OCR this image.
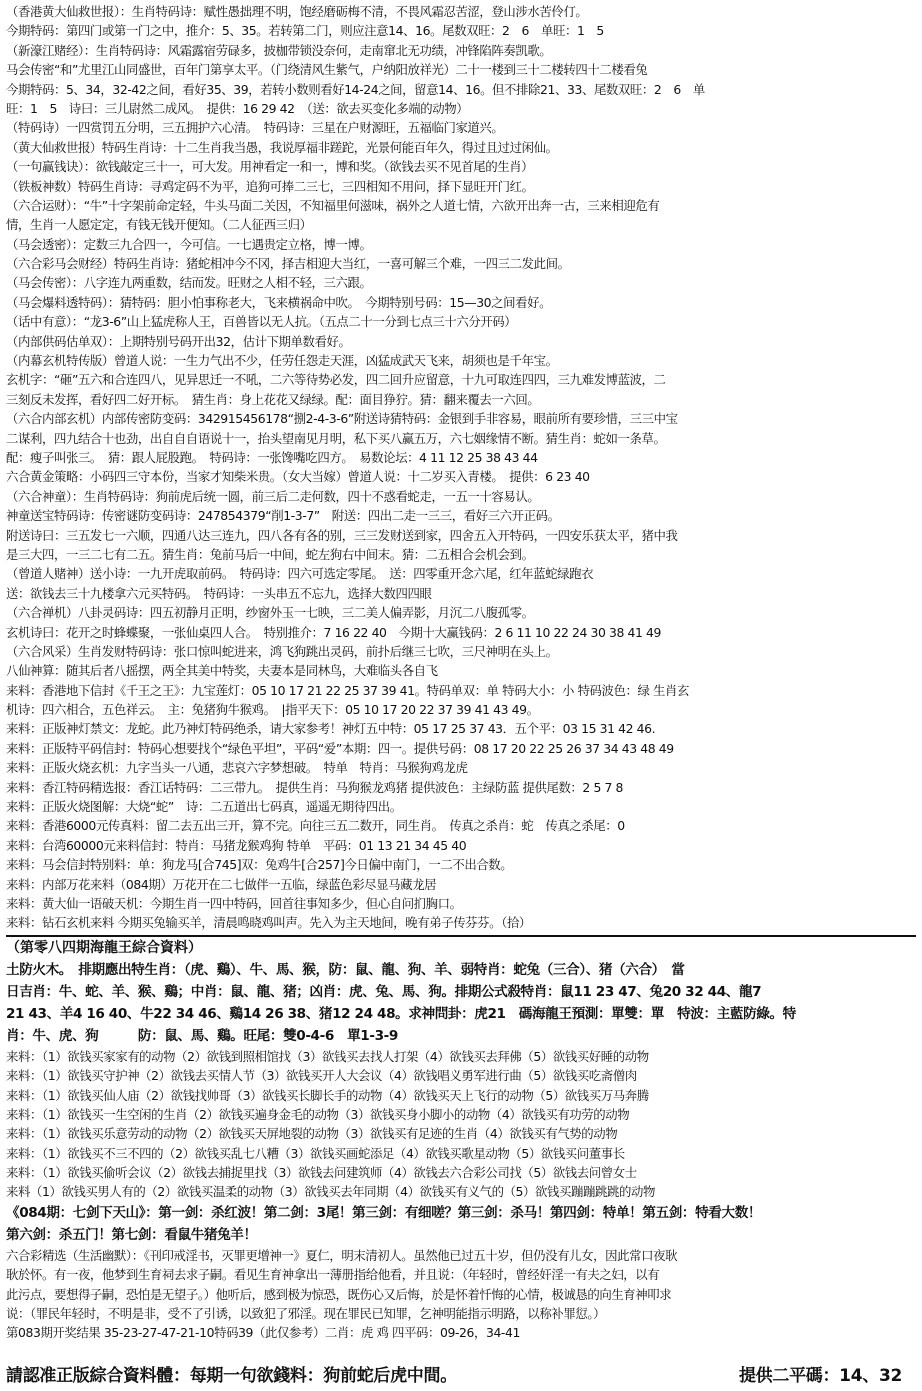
（香港黄大仙救世报）：生肖特码诗：赋性愚拙理不明，饱经磨砺梅不清，不畏风霜忍苦涩，登山涉水苦伶仃。
今期特码：第四门或第一门之中，推介：5、35。若转第二门，则应注意14、16。尾数双旺：2　6　单旺：1　5
（新濠江赌经）：生肖特码诗：风霜露宿劳碌多，披枷带锁没奈何，走南窜北无功绩，冲锋陷阵奏凯歌。
马会传密“和”尤里江山同盛世，百年门第享太平。（门绕清风生紫气，户纳阳放祥光）二十一楼到三十二楼转四十二楼看兔
今期特码：5、34，32-42之间，看好35、39，若转小数则看好14-24之间，留意14、16。但不排除21、33、尾数双旺：2　6　单
旺：1　5　诗曰：三儿尉然二成风。　提供：16 29 42　（送：欲去买变化多端的动物）
（特码诗）一四赏罚五分明，三五拥护六心清。　特码诗：三星在户财源旺，五福临门家道兴。
（黄大仙救世报）特码生肖诗：十二生肖我当愚，我说厚福非蹉跎，光景何能百年久，得过且过过闲仙。
（一句赢钱诀）：欲钱敲定三十一，可大发。用神看定一和一，博和奖。（欲钱去买不见首尾的生肖）
（铁板神数）特码生肖诗：寻鸡定码不为平，追狗可捧二三七，三四相知不用问，择下显旺开门红。
（六合运财）：“牛”十字架前命定轻，牛头马面二关因，不知福里何滋味，祸外之人道七情，六欲开出奔一古，三来相迎危有
情，生肖一人愿定定，有钱无钱开便知。（二人征西三归）
（马会透密）：定数三九合四一，今可信。一七遇贵定立格，博一博。
（六合彩马会财经）特码生肖诗：猪蛇相冲今不冈，择吉相迎大当红，一喜可解三个难，一四三二发此间。
（马会传密）：八字连九两重数，结而发。旺财之人相不轻，三六跟。
（马会爆料透特码）：猜特码：胆小怕事称老大，飞来横祸命中吹。　今期特别号码：15—30之间看好。
（话中有意）：“龙3-6”山上猛虎称人王，百兽皆以无人抗。（五点二十一分到七点三十六分开码）
（内部供码估单双）：上期特别号码开出32，估计下期单数看好。
（内幕玄机特传版）曾道人说：一生力气出不少，任劳任怨走天涯，凶猛成武天飞来，胡须也是千年宝。
玄机字：“砸”五六和合连四八，见异思迁一不吼，二六等待势必发，四二回升应留意，十九可取连四四，三九难发博蓝波，二
三刻反未发挥，看好四二好开标。　猜生肖：身上花花又绿绿。配：面目狰狞。猜：翻来覆去一六回。
（六合内部玄机）内部传密防变码：342915456178“捌2-4-3-6”附送诗猜特码：金银到手非容易，眼前所有要珍惜，三三中宝
二谋利，四九结合十也劲，出自自自语说十一，抬头望南见月明，私下买八赢五万，六七姻缘情不断。猜生肖：蛇如一条草。
配：瘦子叫张三。　猜：跟人屁股跑。　特码诗：一张馋嘴吃四方。　易数论坛：4 11 12 25 38 43 44
六合黄金策略：小码四三守本份，当家才知柴米贵。（女大当嫁）曾道人说：十二岁买入青楼。　提供：6 23 40
（六合神童）：生肖特码诗：狗前虎后统一圆，前三后二走何数，四十不惑看蛇走，一五一十容易认。
神童送宝特码诗：传密谜防变码诗：247854379“削1-3-7”　附送：四出二走一三三，看好三六开正码。
附送诗曰：三五发七一六顺，四通八达三连九，四八各有各的别，三三发财送到家，四舍五入开特码，一四安乐获太平，猪中我
是三大四，一三二七有二五。猜生肖：兔前马后一中间，蛇左狗右中间末。猜：二五相合会机会到。
（曾道人赌神）送小诗：一九开虎取前码。　特码诗：四六可选定零尾。　送：四零重开念六尾，红年蓝蛇绿跑衣
送：欲钱去三十九楼拿六元买特码。　特码诗：一头串五不忘九，选择大数四四眼
（六合禅机）八卦灵码诗：四五初静月正明，纱窗外玉一七映，三二美人偏弄影，月沉二八腹孤零。
玄机诗曰：花开之时蜂蝶聚，一张仙桌四人合。　特别推介：7 16 22 40　今期十大赢钱码：2 6 11 10 22 24 30 38 41 49
（六合风采）生肖发财特码诗：张口惊叫蛇进来，鸿飞狗跳出灵码，前扑后继三七吹，三尺神明在头上。
八仙神算：随其后者八摇摆，两全其美中特奖，夫妻本是同林鸟，大难临头各自飞
来料：香港地下信封《千王之王》：九宝莲灯：05 10 17 21 22 25 37 39 41。特码单双：单 特码大小：小 特码波色：绿 生肖玄
机诗：四六相合，五色祥云。　主：兔猪狗牛猴鸡。　|指平天下：05 10 17 20 22 37 39 41 43 49。
来料：正版神灯禁文：龙蛇。此乃神灯特码绝杀，请大家参考！神灯五中特：05 17 25 37 43．五个平：03 15 31 42 46.
来料：正版特平码信封：特码心想要找个“绿色平坦”，平码“爱”本期：四一。提供号码：08 17 20 22 25 26 37 34 43 48 49
来料：正版火烧玄机：九字当头一八通，悲哀六字梦想破。　特单　特肖：马猴狗鸡龙虎
来料：香江特码精选报：香江话特码：二三带九。　提供生肖：马狗猴龙鸡猪 提供波色：主绿防蓝 提供尾数：2 5 7 8
来料：正版火烧图解：大烧“蛇”　诗：二五道出七码真，遥遥无期待四出。
来料：香港6000元传真料：留二去五出三开，算不完。向往三五二数开，同生肖。　传真之杀肖：蛇　传真之杀尾：0
来料：台湾60000元来料信封：特肖：马猪龙猴鸡狗 特单　平码：01 13 21 34 45 40
来料：马会信封特别料：单：狗龙马[合745]双：兔鸡牛[合257]今日偏中南门，一二不出合数。
来料：内部万花来料（084期）万花开在二七做伴一五临，绿蓝色彩尽显马藏龙居
来料：黄大仙一语破天机：今期生肖一四中特码，回首往事知多少，但心自问扪胸口。
来料：钻石玄机来料 今期买兔输买羊，清晨鸣晓鸡叫声。先入为主天地间，晚有弟子传芬芬。（拾）
（第零八四期海龍王綜合資料）
土防火木。　排期應出特生肖：（虎、鷄）、牛、馬、猴，防：鼠、龍、狗、羊、弱特肖：蛇兔（三合）、猪（六合）　當
日吉肖：牛、蛇、羊、猴、鷄；中肖：鼠、龍、猪；凶肖：虎、兔、馬、狗。排期公式殺特肖：鼠11 23 47、兔20 32 44、龍7
21 43、羊4 16 40、牛22 34 46、鷄14 26 38、猪12 24 48。求神問卦：虎21　碼海龍王預測：單雙：單　特波：主藍防綠。特
肖：牛、虎、狗　　　防：鼠、馬、鷄。旺尾：雙0-4-6　單1-3-9
来料：（1）欲钱买家家有的动物（2）欲钱到照相馆找（3）欲钱买去找人打架（4）欲钱买去拜佛（5）欲钱买好睡的动物
来料：（1）欲钱买守护神（2）欲钱去买情人节（3）欲钱买开人大会议（4）欲钱唱义勇军进行曲（5）欲钱买吃斋僧肉
来料：（1）欲钱买仙人庙（2）欲钱找帅哥（3）欲钱买长脚长手的动物（4）欲钱买天上飞行的动物（5）欲钱买万马奔腾
来料：（1）欲钱买一生空闲的生肖（2）欲钱买遍身金毛的动物（3）欲钱买身小脚小的动物（4）欲钱买有功劳的动物
来料：（1）欲钱买乐意劳动的动物（2）欲钱买天屏地裂的动物（3）欲钱买有足迹的生肖（4）欲钱买有气势的动物
来料：（1）欲钱买不三不四的（2）欲钱买乱七八糟（3）欲钱买画蛇添足（4）欲钱买歌星动物（5）欲钱买问董事长
来料：（1）欲钱买偷听会议（2）欲钱去捕捉里找（3）欲钱去问建筑师（4）欲钱去六合彩公司找（5）欲钱去问曾女士
来料（1）欲钱买男人有的（2）欲钱买温柔的动物（3）欲钱买去年同期（4）欲钱买有义气的（5）欲钱买蹦蹦跳跳的动物
《084期：七剑下天山》：第一剑：杀红波！第二剑：3尾！第三剑：有细嗟？第三剑：杀马！第四剑：特单！第五剑：特看大数！
第六剑：杀五门！第七剑：看鼠牛猪兔羊！
六合彩精选（生活幽默）：《刊印戒淫书，灭罪更增神一》夏仁，明末清初人。虽然他已过五十岁，但仍没有儿女，因此常口夜耿
耿於怀。有一夜，他梦到生育祠去求子嗣。看见生育神拿出一薄册指给他看，并且说：（年轻时，曾经奸淫一有夫之妇，以有
此污点，要想得子嗣，恐怕是无望子。）他听后，感到极为惊恐，既伤心又后悔，於是怀着忏悔的心情，极诚恳的向生育神叩求
说：（罪民年轻时，不明是非，受不了引诱，以致犯了邪淫。现在罪民已知罪，乞神明能指示明路，以称补罪愆。）
第083期开奖结果 35-23-27-47-21-10特码39（此仅参考）二肖：虎 鸡 四平码：09-26，34-41
請認准正版綜合資料體：每期一句欲錢料：狗前蛇后虎中間。	提供二平碼：14、32
